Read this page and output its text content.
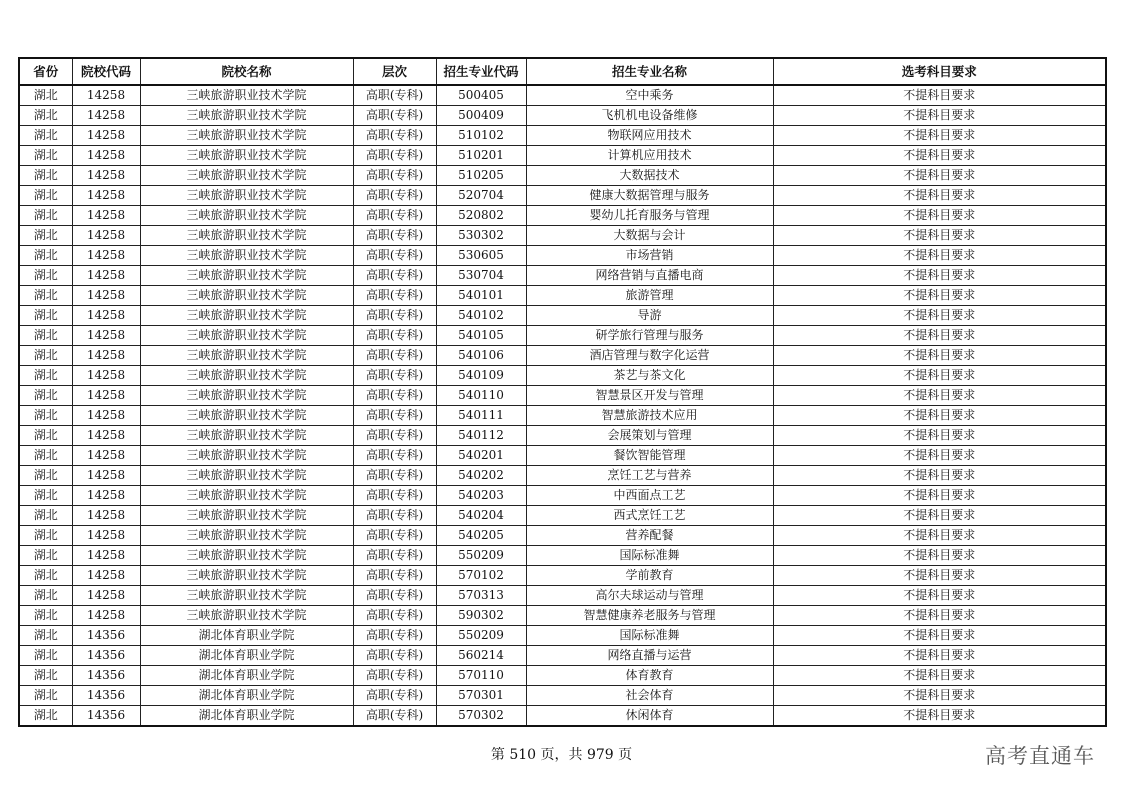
省份	院校代码	院校名称	层次	招生专业代码	招生专业名称	选考科目要求
湖北	14258	三峡旅游职业技术学院	高职(专科)	500405	空中乘务	不提科目要求
湖北	14258	三峡旅游职业技术学院	高职(专科)	500409	飞机机电设备维修	不提科目要求
湖北	14258	三峡旅游职业技术学院	高职(专科)	510102	物联网应用技术	不提科目要求
湖北	14258	三峡旅游职业技术学院	高职(专科)	510201	计算机应用技术	不提科目要求
湖北	14258	三峡旅游职业技术学院	高职(专科)	510205	大数据技术	不提科目要求
湖北	14258	三峡旅游职业技术学院	高职(专科)	520704	健康大数据管理与服务	不提科目要求
湖北	14258	三峡旅游职业技术学院	高职(专科)	520802	婴幼儿托育服务与管理	不提科目要求
湖北	14258	三峡旅游职业技术学院	高职(专科)	530302	大数据与会计	不提科目要求
湖北	14258	三峡旅游职业技术学院	高职(专科)	530605	市场营销	不提科目要求
湖北	14258	三峡旅游职业技术学院	高职(专科)	530704	网络营销与直播电商	不提科目要求
湖北	14258	三峡旅游职业技术学院	高职(专科)	540101	旅游管理	不提科目要求
湖北	14258	三峡旅游职业技术学院	高职(专科)	540102	导游	不提科目要求
湖北	14258	三峡旅游职业技术学院	高职(专科)	540105	研学旅行管理与服务	不提科目要求
湖北	14258	三峡旅游职业技术学院	高职(专科)	540106	酒店管理与数字化运营	不提科目要求
湖北	14258	三峡旅游职业技术学院	高职(专科)	540109	茶艺与茶文化	不提科目要求
湖北	14258	三峡旅游职业技术学院	高职(专科)	540110	智慧景区开发与管理	不提科目要求
湖北	14258	三峡旅游职业技术学院	高职(专科)	540111	智慧旅游技术应用	不提科目要求
湖北	14258	三峡旅游职业技术学院	高职(专科)	540112	会展策划与管理	不提科目要求
湖北	14258	三峡旅游职业技术学院	高职(专科)	540201	餐饮智能管理	不提科目要求
湖北	14258	三峡旅游职业技术学院	高职(专科)	540202	烹饪工艺与营养	不提科目要求
湖北	14258	三峡旅游职业技术学院	高职(专科)	540203	中西面点工艺	不提科目要求
湖北	14258	三峡旅游职业技术学院	高职(专科)	540204	西式烹饪工艺	不提科目要求
湖北	14258	三峡旅游职业技术学院	高职(专科)	540205	营养配餐	不提科目要求
湖北	14258	三峡旅游职业技术学院	高职(专科)	550209	国际标准舞	不提科目要求
湖北	14258	三峡旅游职业技术学院	高职(专科)	570102	学前教育	不提科目要求
湖北	14258	三峡旅游职业技术学院	高职(专科)	570313	高尔夫球运动与管理	不提科目要求
湖北	14258	三峡旅游职业技术学院	高职(专科)	590302	智慧健康养老服务与管理	不提科目要求
湖北	14356	湖北体育职业学院	高职(专科)	550209	国际标准舞	不提科目要求
湖北	14356	湖北体育职业学院	高职(专科)	560214	网络直播与运营	不提科目要求
湖北	14356	湖北体育职业学院	高职(专科)	570110	体育教育	不提科目要求
湖北	14356	湖北体育职业学院	高职(专科)	570301	社会体育	不提科目要求
湖北	14356	湖北体育职业学院	高职(专科)	570302	休闲体育	不提科目要求
第 510 页，共 979 页	高考直通车
